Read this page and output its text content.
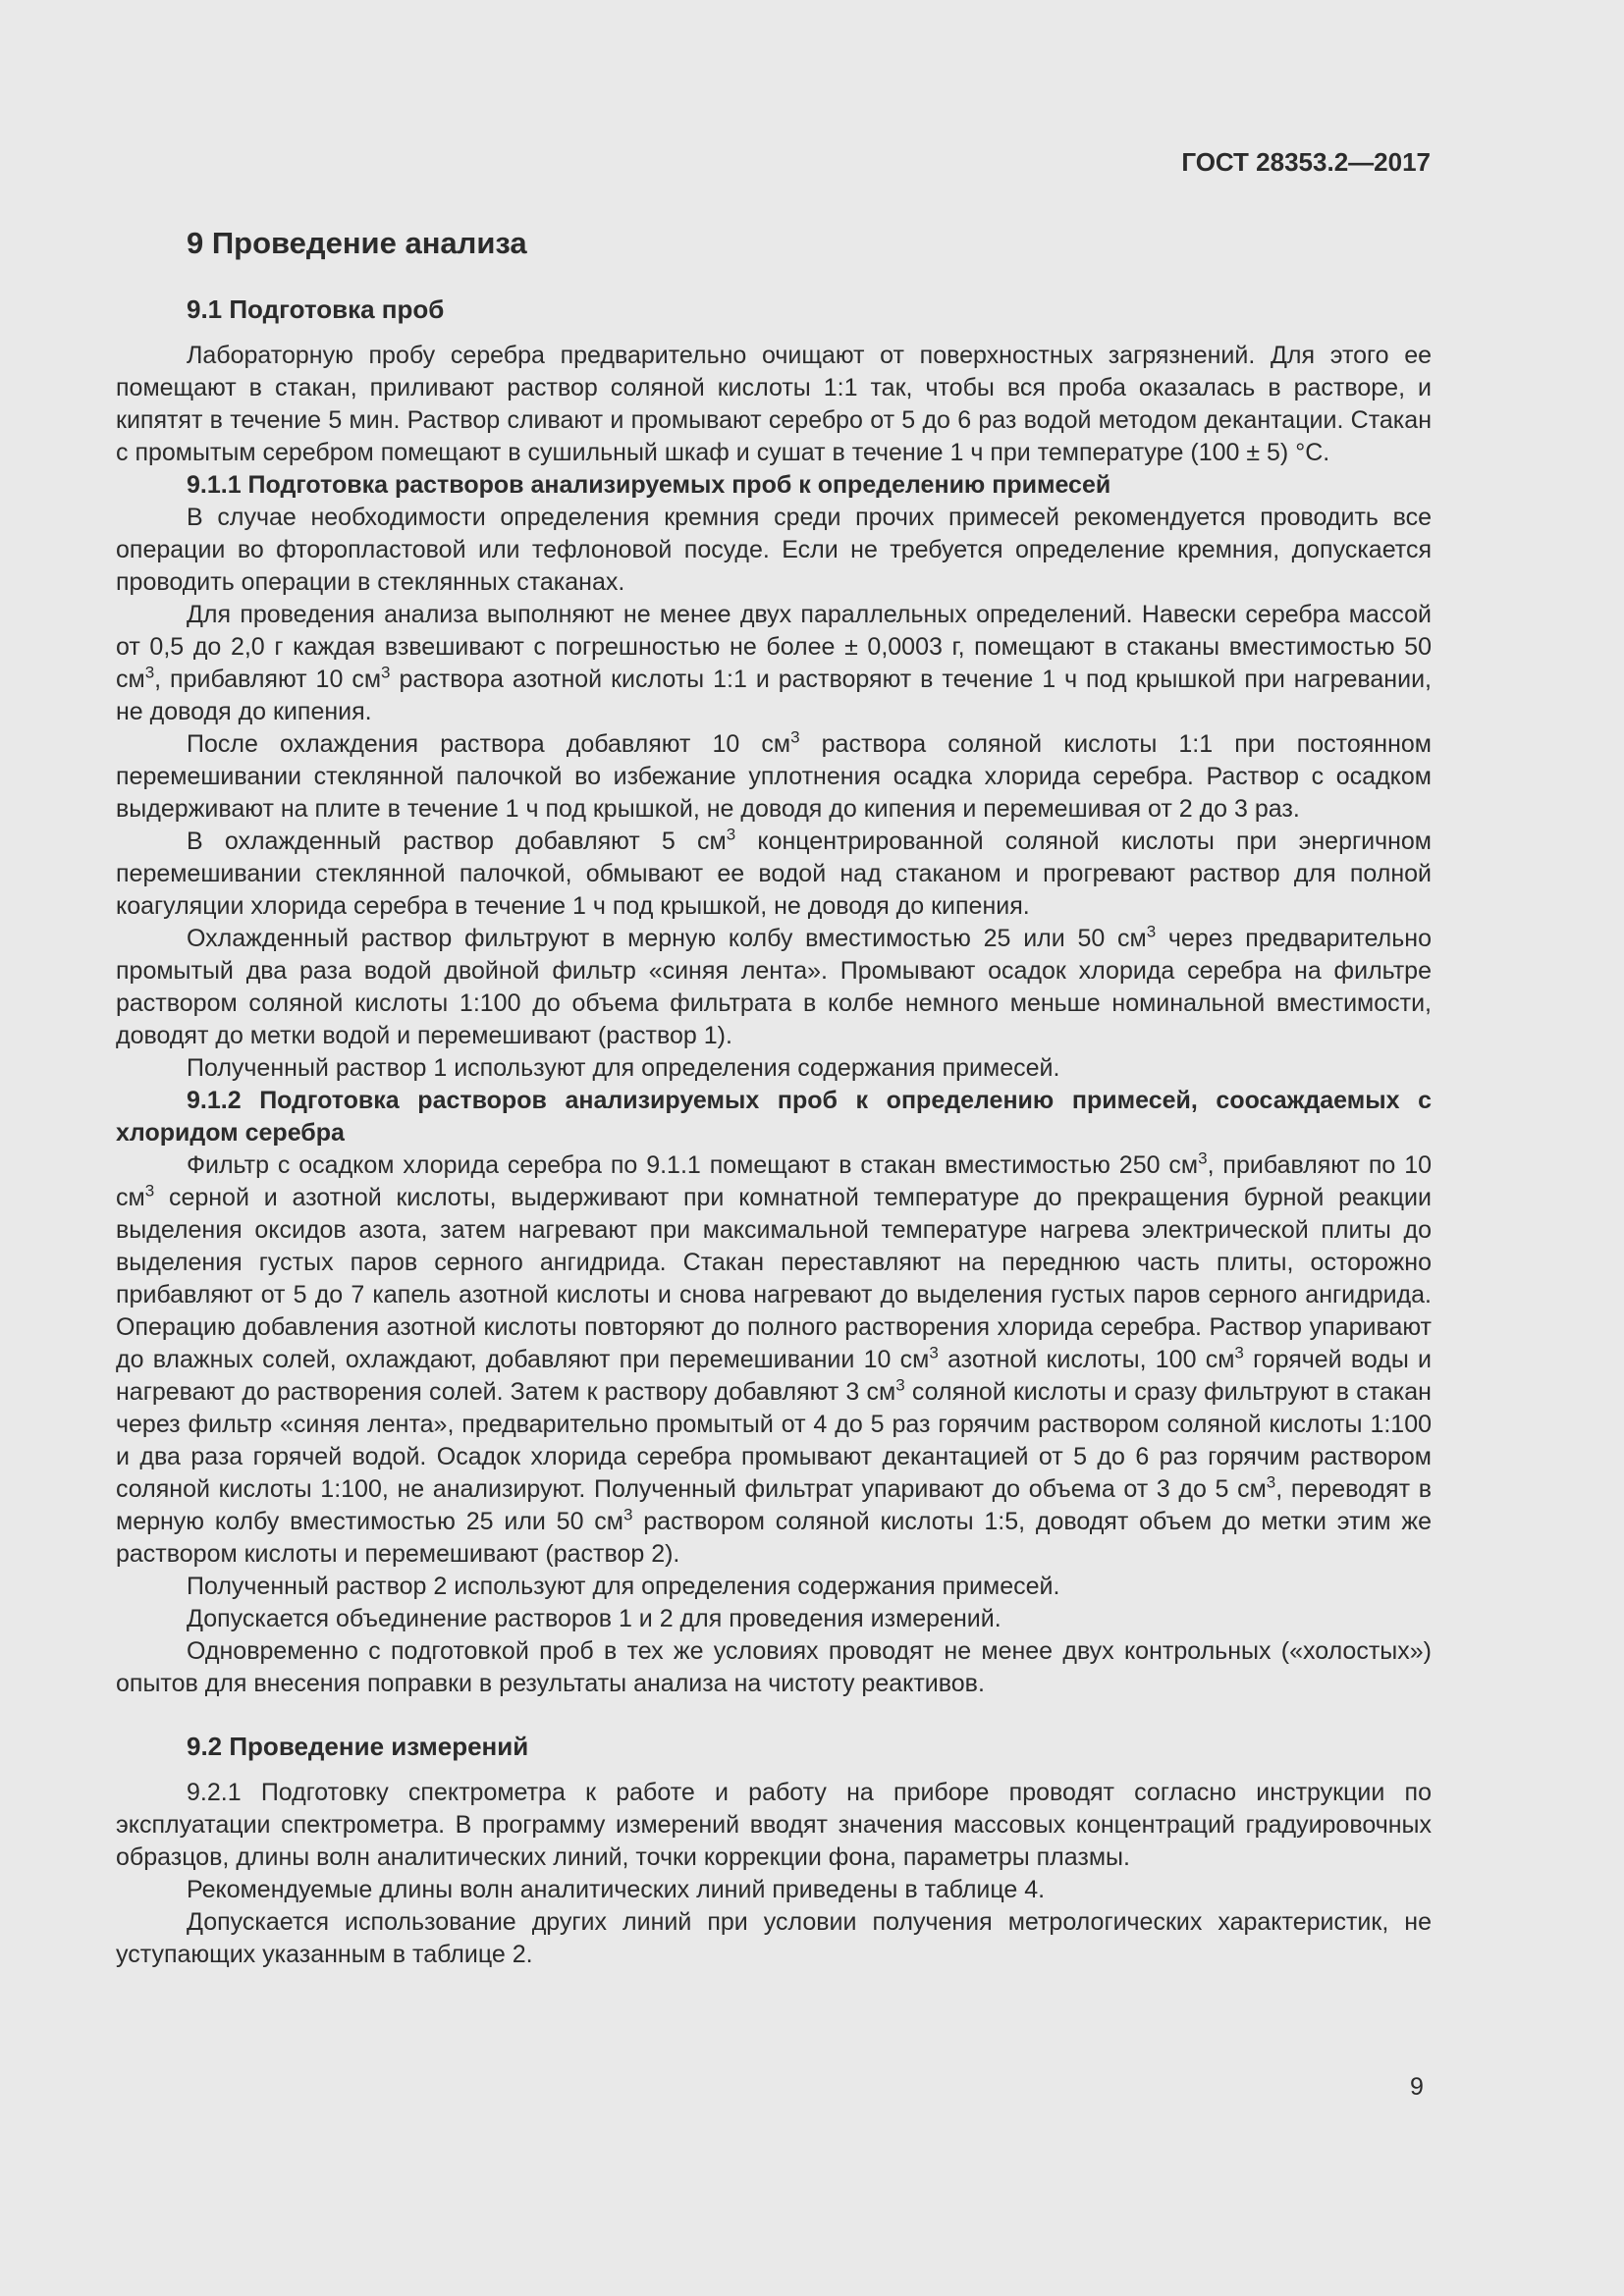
ГОСТ 28353.2—2017
9 Проведение анализа
9.1 Подготовка проб

Лабораторную пробу серебра предварительно очищают от поверхностных загрязнений. Для этого ее помещают в стакан, приливают раствор соляной кислоты 1:1 так, чтобы вся проба оказалась в растворе, и кипятят в течение 5 мин. Раствор сливают и промывают серебро от 5 до 6 раз водой методом декантации. Стакан с промытым серебром помещают в сушильный шкаф и сушат в течение 1 ч при температуре (100 ± 5) °С.

9.1.1 Подготовка растворов анализируемых проб к определению примесей

В случае необходимости определения кремния среди прочих примесей рекомендуется проводить все операции во фторопластовой или тефлоновой посуде. Если не требуется определение кремния, допускается проводить операции в стеклянных стаканах.

Для проведения анализа выполняют не менее двух параллельных определений. Навески серебра массой от 0,5 до 2,0 г каждая взвешивают с погрешностью не более ± 0,0003 г, помещают в стаканы вместимостью 50 $см^3$, прибавляют 10 $см^3$ раствора азотной кислоты 1:1 и растворяют в течение 1 ч под крышкой при нагревании, не доводя до кипения.

После охлаждения раствора добавляют 10 $см^3$ раствора соляной кислоты 1:1 при постоянном перемешивании стеклянной палочкой во избежание уплотнения осадка хлорида серебра. Раствор с осадком выдерживают на плите в течение 1 ч под крышкой, не доводя до кипения и перемешивая от 2 до 3 раз.

В охлажденный раствор добавляют 5 $см^3$ концентрированной соляной кислоты при энергичном перемешивании стеклянной палочкой, обмывают ее водой над стаканом и прогревают раствор для полной коагуляции хлорида серебра в течение 1 ч под крышкой, не доводя до кипения.

Охлажденный раствор фильтруют в мерную колбу вместимостью 25 или 50 $см^3$ через предварительно промытый два раза водой двойной фильтр «синяя лента». Промывают осадок хлорида серебра на фильтре раствором соляной кислоты 1:100 до объема фильтрата в колбе немного меньше номинальной вместимости, доводят до метки водой и перемешивают (раствор 1).

Полученный раствор 1 используют для определения содержания примесей.

9.1.2 Подготовка растворов анализируемых проб к определению примесей, соосаждаемых с хлоридом серебра

Фильтр с осадком хлорида серебра по 9.1.1 помещают в стакан вместимостью 250 $см^3$, прибавляют по 10 $см^3$ серной и азотной кислоты, выдерживают при комнатной температуре до прекращения бурной реакции выделения оксидов азота, затем нагревают при максимальной температуре нагрева электрической плиты до выделения густых паров серного ангидрида. Стакан переставляют на переднюю часть плиты, осторожно прибавляют от 5 до 7 капель азотной кислоты и снова нагревают до выделения густых паров серного ангидрида. Операцию добавления азотной кислоты повторяют до полного растворения хлорида серебра. Раствор упаривают до влажных солей, охлаждают, добавляют при перемешивании 10 $см^3$ азотной кислоты, 100 $см^3$ горячей воды и нагревают до растворения солей. Затем к раствору добавляют 3 $см^3$ соляной кислоты и сразу фильтруют в стакан через фильтр «синяя лента», предварительно промытый от 4 до 5 раз горячим раствором соляной кислоты 1:100 и два раза горячей водой. Осадок хлорида серебра промывают декантацией от 5 до 6 раз горячим раствором соляной кислоты 1:100, не анализируют. Полученный фильтрат упаривают до объема от 3 до 5 $см^3$, переводят в мерную колбу вместимостью 25 или 50 $см^3$ раствором соляной кислоты 1:5, доводят объем до метки этим же раствором кислоты и перемешивают (раствор 2).

Полученный раствор 2 используют для определения содержания примесей.

Допускается объединение растворов 1 и 2 для проведения измерений.

Одновременно с подготовкой проб в тех же условиях проводят не менее двух контрольных («холостых») опытов для внесения поправки в результаты анализа на чистоту реактивов.

9.2 Проведение измерений

9.2.1 Подготовку спектрометра к работе и работу на приборе проводят согласно инструкции по эксплуатации спектрометра. В программу измерений вводят значения массовых концентраций градуировочных образцов, длины волн аналитических линий, точки коррекции фона, параметры плазмы.

Рекомендуемые длины волн аналитических линий приведены в таблице 4.

Допускается использование других линий при условии получения метрологических характеристик, не уступающих указанным в таблице 2.

9
